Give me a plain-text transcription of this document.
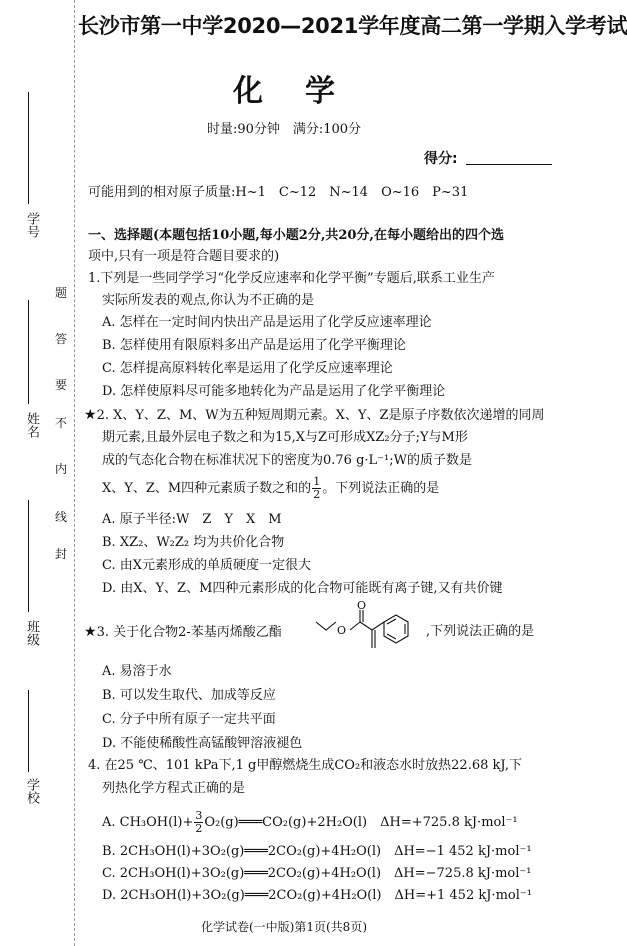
学号
姓名
班级
学校
题
答
要
不
内
线
封
长沙市第一中学2020—2021学年度高二第一学期入学考试
化学
时量:90分钟　满分:100分
得分:
可能用到的相对原子质量:H~1　C~12　N~14　O~16　P~31
一、选择题(本题包括10小题,每小题2分,共20分,在每小题给出的四个选
项中,只有一项是符合题目要求的)
1.下列是一些同学学习“化学反应速率和化学平衡”专题后,联系工业生产
实际所发表的观点,你认为不正确的是
A. 怎样在一定时间内快出产品是运用了化学反应速率理论
B. 怎样使用有限原料多出产品是运用了化学平衡理论
C. 怎样提高原料转化率是运用了化学反应速率理论
D. 怎样使原料尽可能多地转化为产品是运用了化学平衡理论
★2. X、Y、Z、M、W为五种短周期元素。X、Y、Z是原子序数依次递增的同周
期元素,且最外层电子数之和为15,X与Z可形成XZ₂分子;Y与M形
成的气态化合物在标准状况下的密度为0.76 g·L⁻¹;W的质子数是
X、Y、Z、M四种元素质子数之和的 $\frac{1}{2}$ 。下列说法正确的是
A. 原子半径:W　Z　Y　X　M
B. XZ₂、W₂Z₂ 均为共价化合物
C. 由X元素形成的单质硬度一定很大
D. 由X、Y、Z、M四种元素形成的化合物可能既有离子键,又有共价键
★3. 关于化合物2-苯基丙烯酸乙酯	O
O
,下列说法正确的是
A. 易溶于水
B. 可以发生取代、加成等反应
C. 分子中所有原子一定共平面
D. 不能使稀酸性高锰酸钾溶液褪色
4. 在25 ℃、101 kPa下,1 g甲醇燃烧生成CO₂和液态水时放热22.68 kJ,下
列热化学方程式正确的是
A. $CH_3OH(l)+ \frac{3}{2}$ O₂(g)═══CO₂(g)+2H₂O(l)　ΔH=+725.8 kJ·mol⁻¹
B. 2CH₃OH(l)+3O₂(g)═══2CO₂(g)+4H₂O(l)　ΔH=−1 452 kJ·mol⁻¹
C. 2CH₃OH(l)+3O₂(g)═══2CO₂(g)+4H₂O(l)　ΔH=−725.8 kJ·mol⁻¹
D. 2CH₃OH(l)+3O₂(g)═══2CO₂(g)+4H₂O(l)　ΔH=+1 452 kJ·mol⁻¹
化学试卷(一中版)第1页(共8页)
